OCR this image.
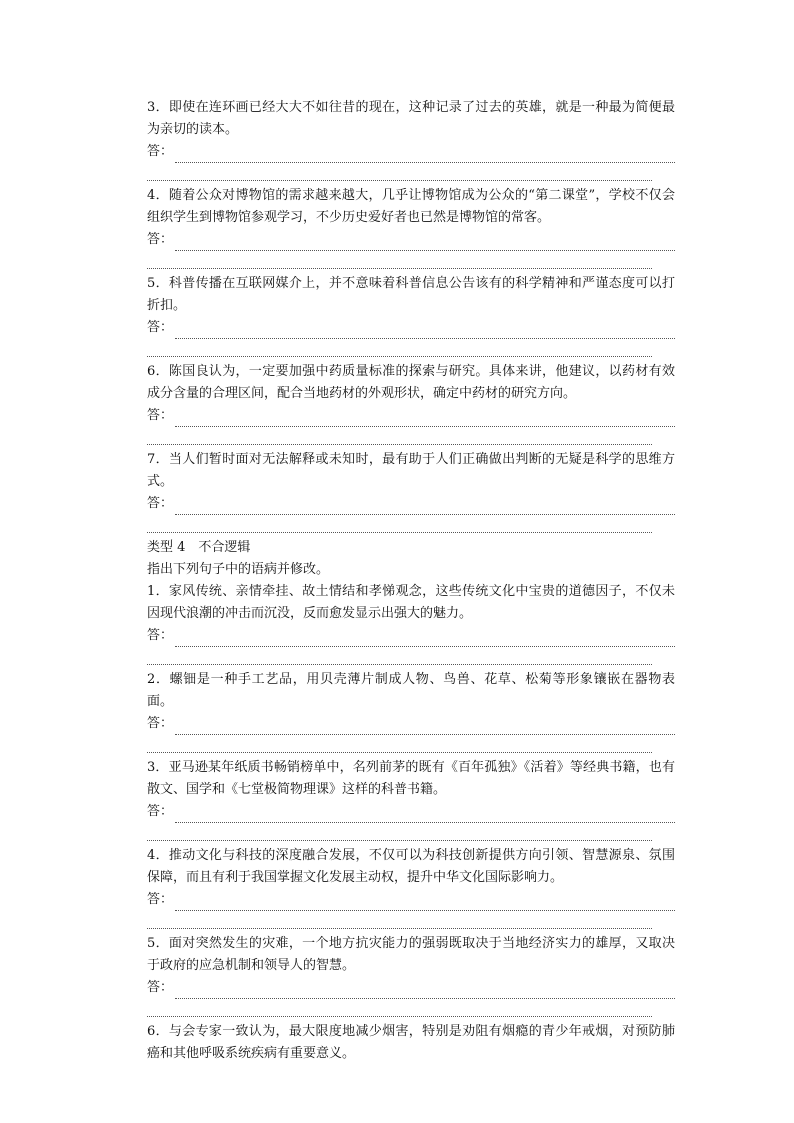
3．即使在连环画已经大大不如往昔的现在，这种记录了过去的英雄，就是一种最为简便最为亲切的读本。

答：

4．随着公众对博物馆的需求越来越大，几乎让博物馆成为公众的“第二课堂”，学校不仅会组织学生到博物馆参观学习，不少历史爱好者也已然是博物馆的常客。

答：

5．科普传播在互联网媒介上，并不意味着科普信息公告该有的科学精神和严谨态度可以打折扣。

答：

6．陈国良认为，一定要加强中药质量标准的探索与研究。具体来讲，他建议，以药材有效成分含量的合理区间，配合当地药材的外观形状，确定中药材的研究方向。

答：

7．当人们暂时面对无法解释或未知时，最有助于人们正确做出判断的无疑是科学的思维方式。

答：

类型 4　不合逻辑

指出下列句子中的语病并修改。

1．家风传统、亲情牵挂、故土情结和孝悌观念，这些传统文化中宝贵的道德因子，不仅未因现代浪潮的冲击而沉没，反而愈发显示出强大的魅力。

答：

2．螺钿是一种手工艺品，用贝壳薄片制成人物、鸟兽、花草、松菊等形象镶嵌在器物表面。

答：

3．亚马逊某年纸质书畅销榜单中，名列前茅的既有《百年孤独》《活着》等经典书籍，也有散文、国学和《七堂极简物理课》这样的科普书籍。

答：

4．推动文化与科技的深度融合发展，不仅可以为科技创新提供方向引领、智慧源泉、氛围保障，而且有利于我国掌握文化发展主动权，提升中华文化国际影响力。

答：

5．面对突然发生的灾难，一个地方抗灾能力的强弱既取决于当地经济实力的雄厚，又取决于政府的应急机制和领导人的智慧。

答：

6．与会专家一致认为，最大限度地减少烟害，特别是劝阻有烟瘾的青少年戒烟，对预防肺癌和其他呼吸系统疾病有重要意义。
